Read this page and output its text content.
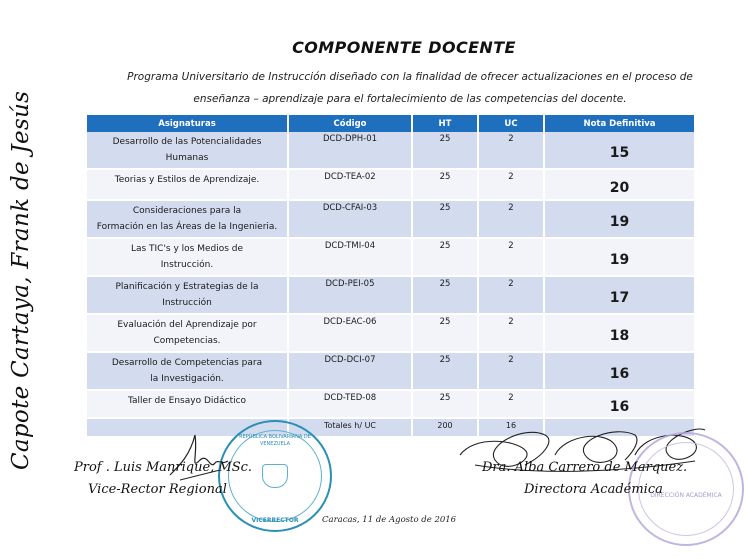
Capote Cartaya, Frank de Jesús
COMPONENTE DOCENTE
Programa Universitario de Instrucción diseñado con la finalidad de ofrecer actualizaciones en el proceso de
enseñanza – aprendizaje para el fortalecimiento de las competencias del docente.
Asignaturas	Código	HT	UC	Nota Definitiva

Desarrollo de las Potencialidades
Humanas	DCD-DPH-01	25	2	15

Teorias y Estilos de Aprendizaje.	DCD-TEA-02	25	2	20

Consideraciones para la
Formación en las Áreas de la Ingenieria.	DCD-CFAI-03	25	2	19

Las TIC's y los Medios de
Instrucción.	DCD-TMI-04	25	2	19

Planificación y Estrategias de la
Instrucción	DCD-PEI-05	25	2	17

Evaluación del Aprendizaje por
Competencias.	DCD-EAC-06	25	2	18

Desarrollo de Competencias para
la Investigación.	DCD-DCI-07	25	2	16

Taller de Ensayo Didáctico	DCD-TED-08	25	2	16
	Totales h/ UC	200	16	
VICERRECTOR
REPÚBLICA BOLIVARIANA DE VENEZUELA
Prof . Luis Manrique, MSc.
Vice-Rector Regional	DIRECCIÓN ACADÉMICA
Dra. Alba Carrero de Marquez.
Directora Académica
Caracas, 11 de Agosto de 2016
